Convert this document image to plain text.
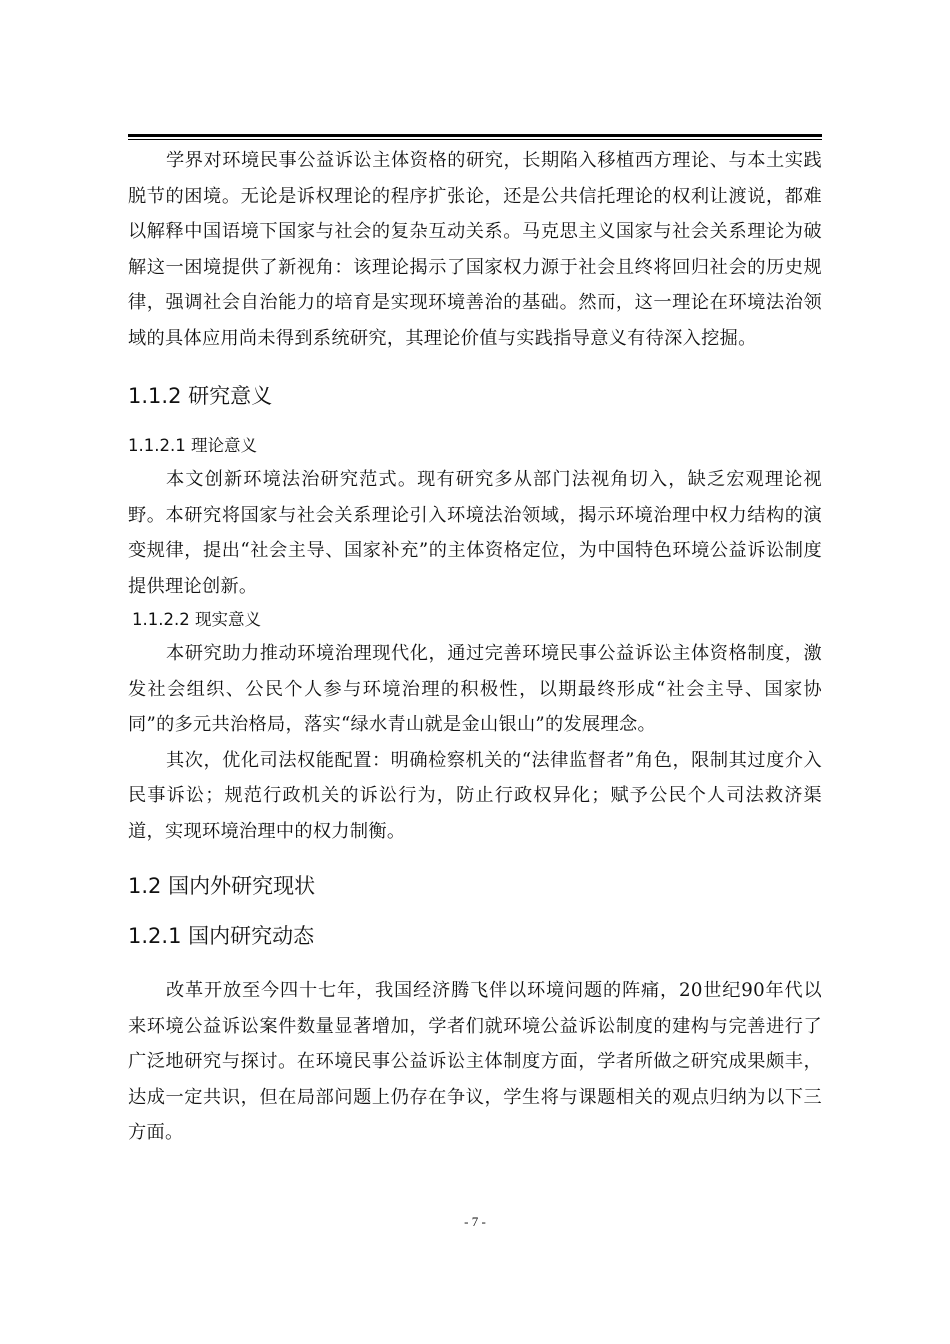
学界对环境民事公益诉讼主体资格的研究，长期陷入移植西方理论、与本土实践脱节的困境。无论是诉权理论的程序扩张论，还是公共信托理论的权利让渡说，都难以解释中国语境下国家与社会的复杂互动关系。马克思主义国家与社会关系理论为破解这一困境提供了新视角：该理论揭示了国家权力源于社会且终将回归社会的历史规律，强调社会自治能力的培育是实现环境善治的基础。然而，这一理论在环境法治领域的具体应用尚未得到系统研究，其理论价值与实践指导意义有待深入挖掘。

1.1.2 研究意义
1.1.2.1 理论意义

本文创新环境法治研究范式。现有研究多从部门法视角切入，缺乏宏观理论视野。本研究将国家与社会关系理论引入环境法治领域，揭示环境治理中权力结构的演变规律，提出“社会主导、国家补充”的主体资格定位，为中国特色环境公益诉讼制度提供理论创新。

1.1.2.2 现实意义

本研究助力推动环境治理现代化，通过完善环境民事公益诉讼主体资格制度，激发社会组织、公民个人参与环境治理的积极性，以期最终形成“社会主导、国家协同”的多元共治格局，落实“绿水青山就是金山银山”的发展理念。

其次，优化司法权能配置：明确检察机关的“法律监督者”角色，限制其过度介入民事诉讼；规范行政机关的诉讼行为，防止行政权异化；赋予公民个人司法救济渠道，实现环境治理中的权力制衡。

1.2 国内外研究现状
1.2.1 国内研究动态

改革开放至今四十七年，我国经济腾飞伴以环境问题的阵痛，20世纪90年代以来环境公益诉讼案件数量显著增加，学者们就环境公益诉讼制度的建构与完善进行了广泛地研究与探讨。在环境民事公益诉讼主体制度方面，学者所做之研究成果颇丰，达成一定共识，但在局部问题上仍存在争议，学生将与课题相关的观点归纳为以下三方面。

- 7 -
